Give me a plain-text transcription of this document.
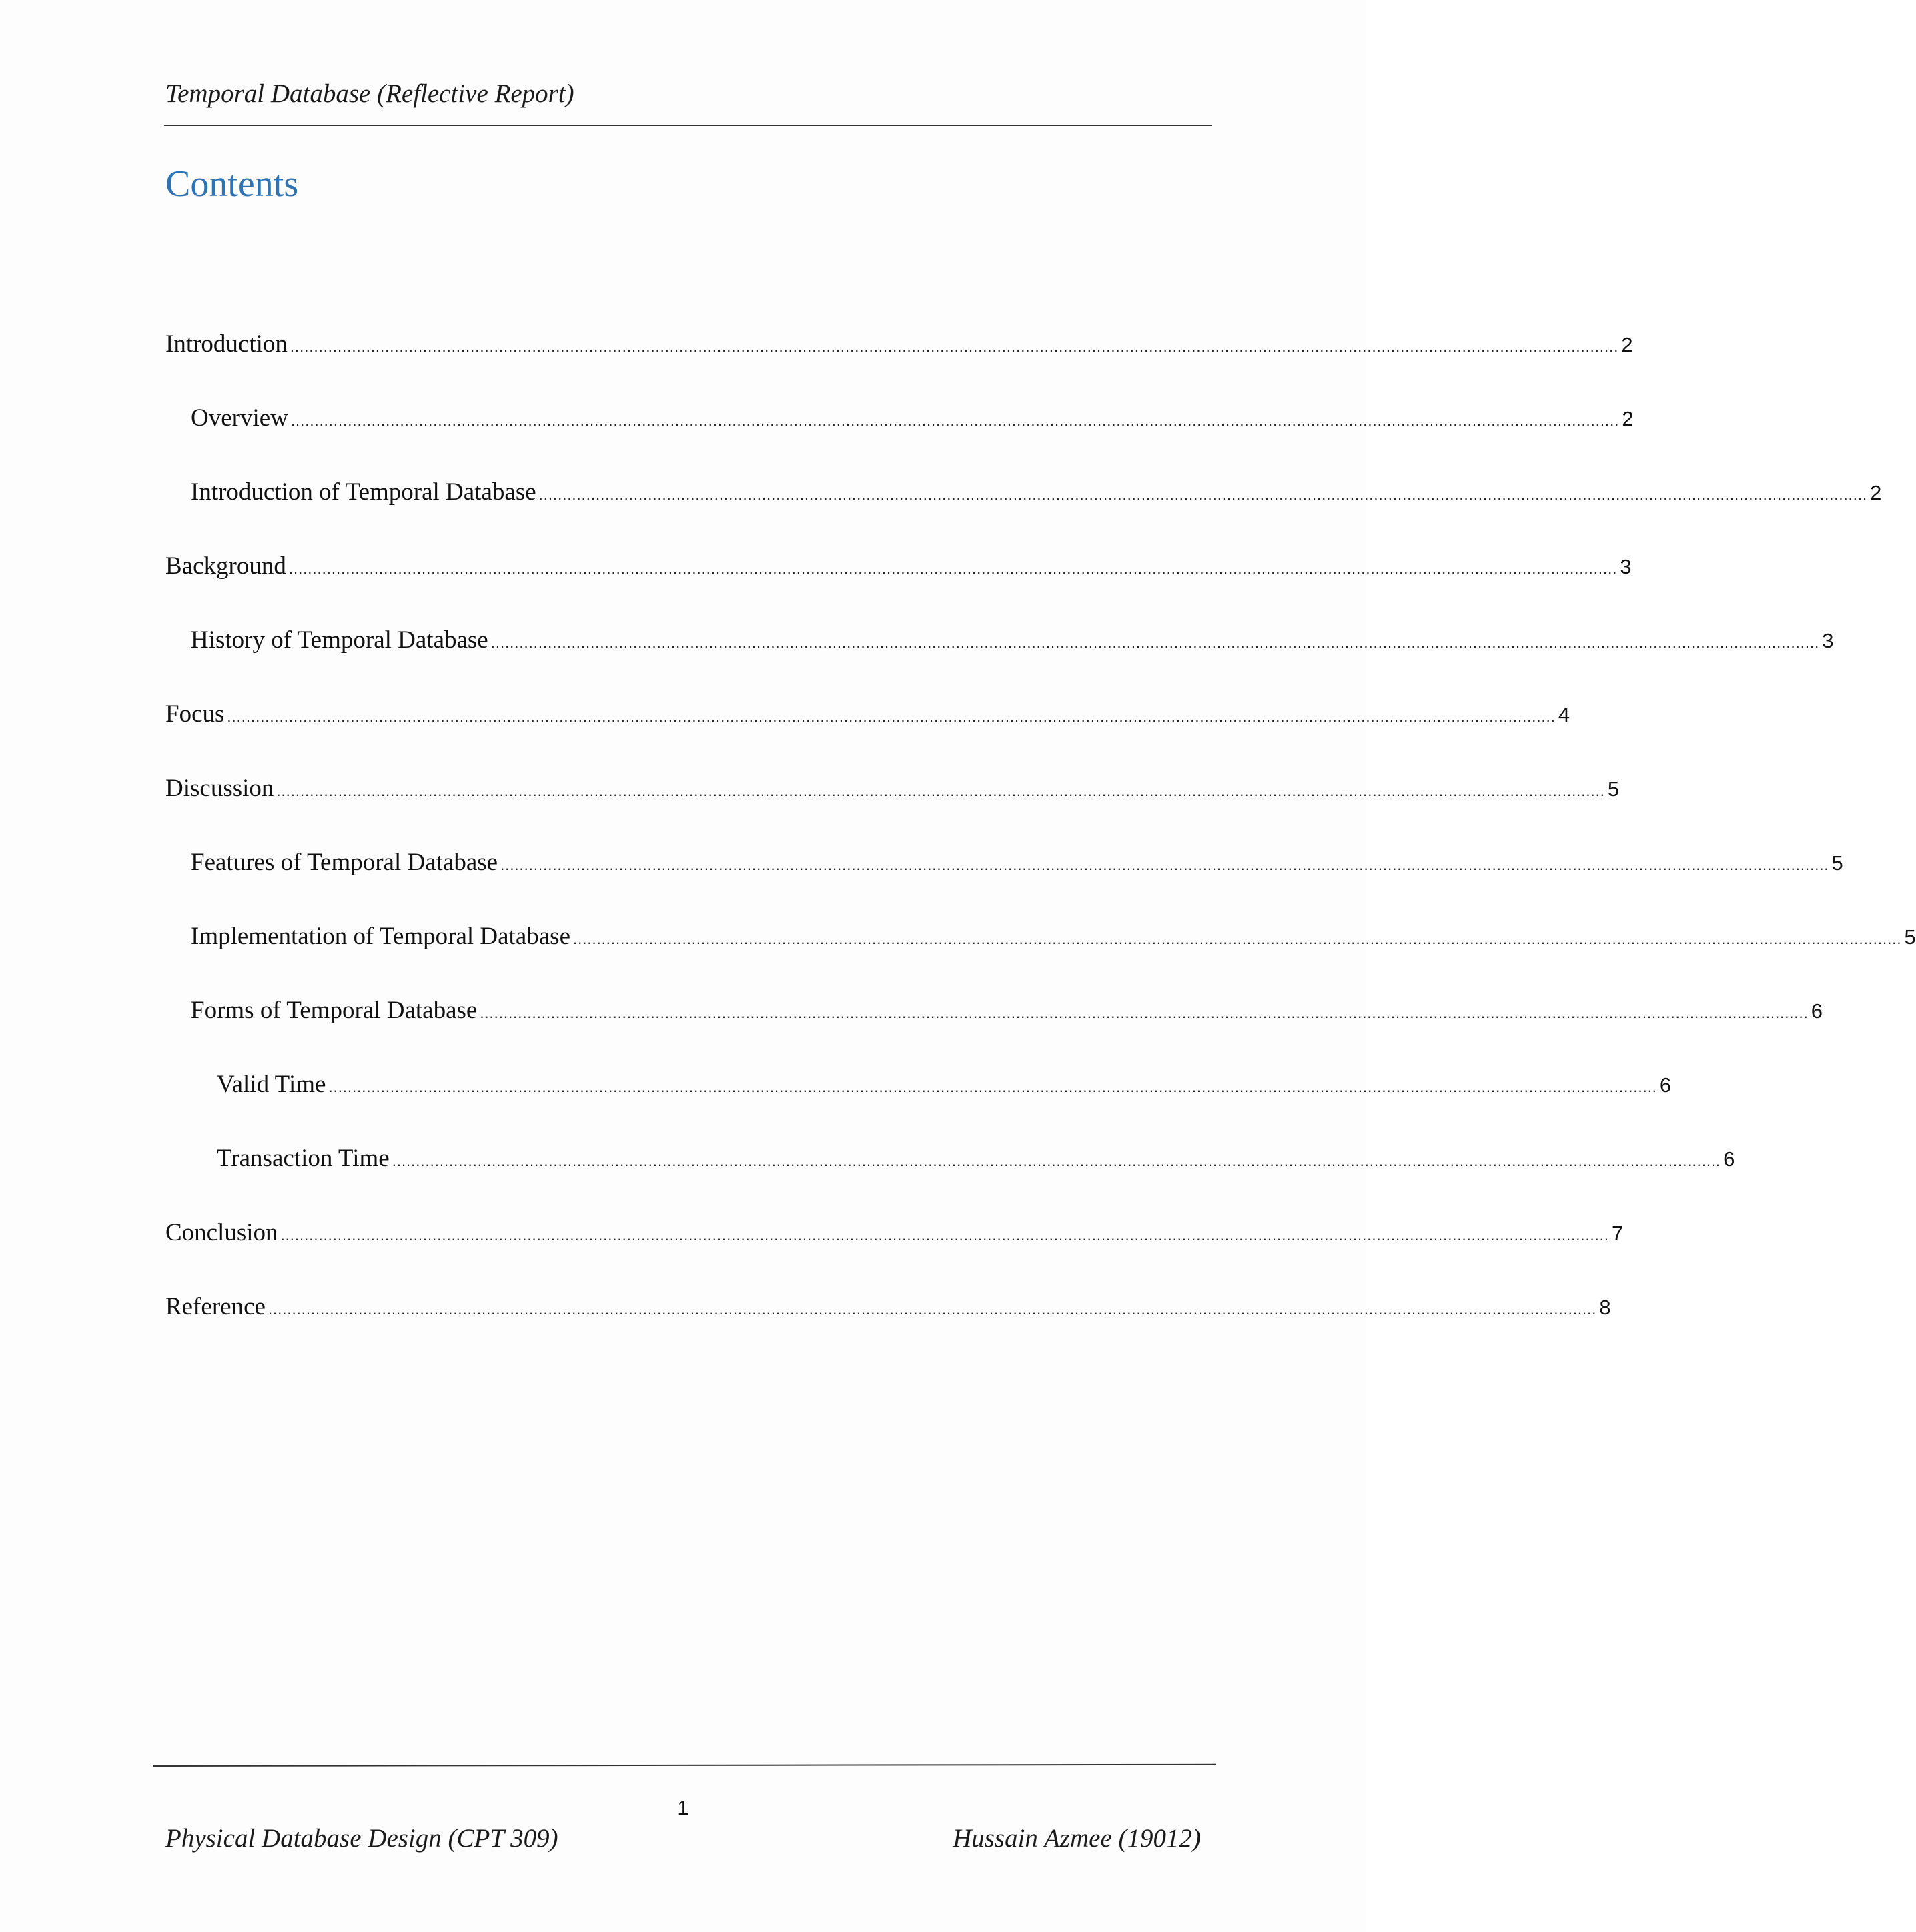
Temporal Database (Reflective Report)
Contents
Introduction ........................................................................................................................................................................................................................................................................................ 2
Overview ........................................................................................................................................................................................................................................................................................ 2
Introduction of Temporal Database ........................................................................................................................................................................................................................................................................................ 2
Background ........................................................................................................................................................................................................................................................................................ 3
History of Temporal Database ........................................................................................................................................................................................................................................................................................ 3
Focus ........................................................................................................................................................................................................................................................................................ 4
Discussion ........................................................................................................................................................................................................................................................................................ 5
Features of Temporal Database ........................................................................................................................................................................................................................................................................................ 5
Implementation of Temporal Database ........................................................................................................................................................................................................................................................................................ 5
Forms of Temporal Database ........................................................................................................................................................................................................................................................................................ 6
Valid Time ........................................................................................................................................................................................................................................................................................ 6
Transaction Time ........................................................................................................................................................................................................................................................................................ 6
Conclusion ........................................................................................................................................................................................................................................................................................ 7
Reference ........................................................................................................................................................................................................................................................................................ 8
1
Physical Database Design (CPT 309)	Hussain Azmee (19012)
